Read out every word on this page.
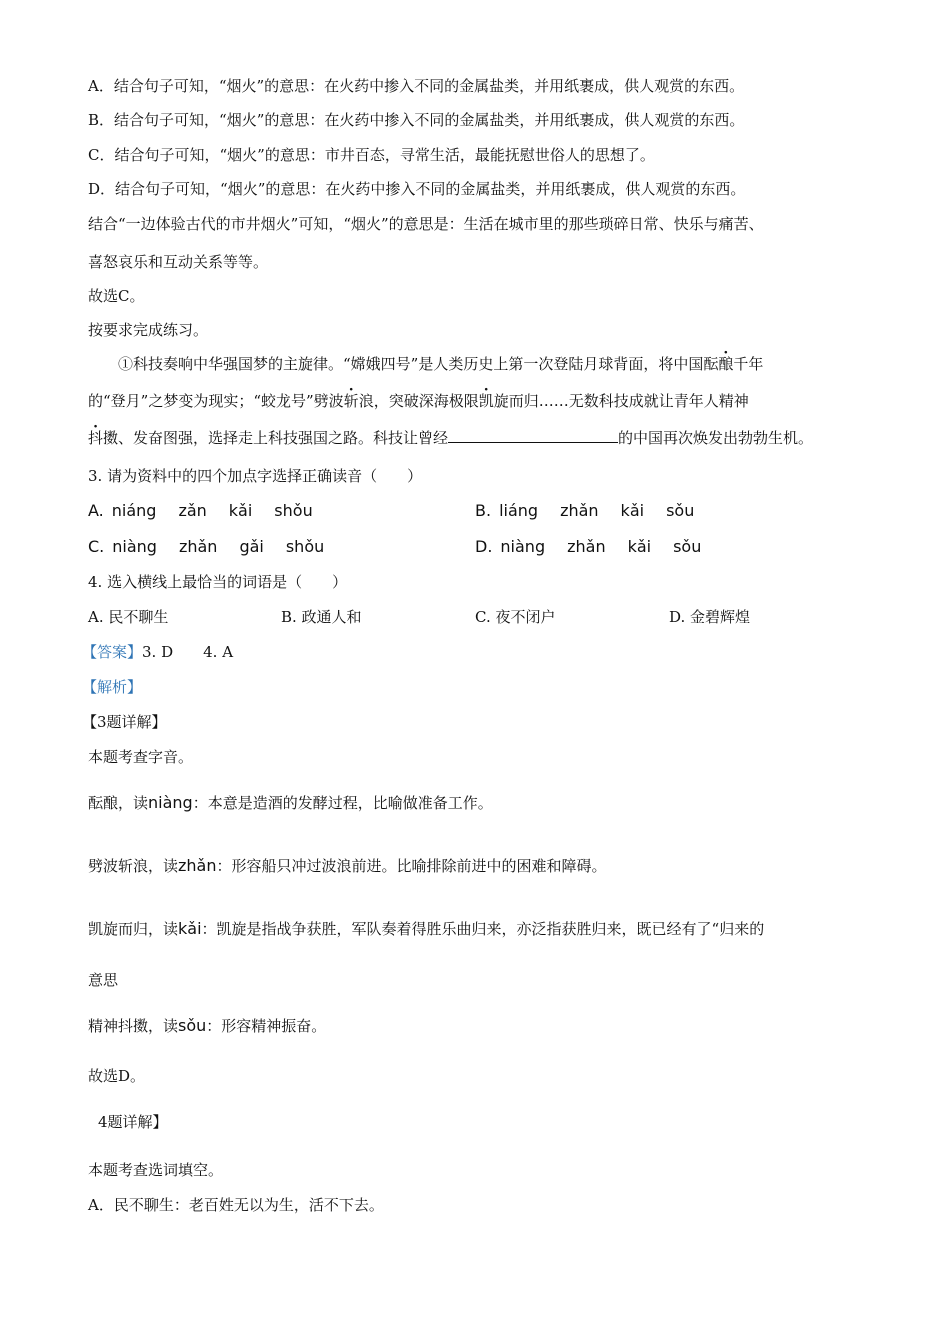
A．结合句子可知，“烟火”的意思：在火药中掺入不同的金属盐类，并用纸裹成，供人观赏的东西。
B．结合句子可知，“烟火”的意思：在火药中掺入不同的金属盐类，并用纸裹成，供人观赏的东西。
C．结合句子可知，“烟火”的意思：市井百态，寻常生活，最能抚慰世俗人的思想了。
D．结合句子可知，“烟火”的意思：在火药中掺入不同的金属盐类，并用纸裹成，供人观赏的东西。
结合“一边体验古代的市井烟火”可知，“烟火”的意思是：生活在城市里的那些琐碎日常、快乐与痛苦、
喜怒哀乐和互动关系等等。
故选C。
按要求完成练习。
①科技奏响中华强国梦的主旋律。“嫦娥四号”是人类历史上第一次登陆月球背面，将中国酝酿千年
的“登月”之梦变为现实；“蛟龙号”劈波斩浪，突破深海极限凯旋而归……无数科技成就让青年人精神
抖擞、发奋图强，选择走上科技强国之路。科技让曾经	的中国再次焕发出勃勃生机。
3. 请为资料中的四个加点字选择正确读音（　　）
A. niáng zǎn kǎi shǒu	B. liáng zhǎn kǎi sǒu
C. niàng zhǎn gǎi shǒu	D. niàng zhǎn kǎi sǒu
4. 选入横线上最恰当的词语是（　　）
A. 民不聊生	B. 政通人和	C. 夜不闭户	D. 金碧辉煌
【答案】3. D　　4. A
【解析】
【3题详解】
本题考查字音。
酝酿，读niàng：本意是造酒的发酵过程，比喻做准备工作。
劈波斩浪，读zhǎn：形容船只冲过波浪前进。比喻排除前进中的困难和障碍。
凯旋而归，读kǎi：凯旋是指战争获胜，军队奏着得胜乐曲归来，亦泛指获胜归来，既已经有了“归来的
意思
精神抖擞，读sǒu：形容精神振奋。
故选D。
4题详解】
本题考查选词填空。
A．民不聊生：老百姓无以为生，活不下去。
